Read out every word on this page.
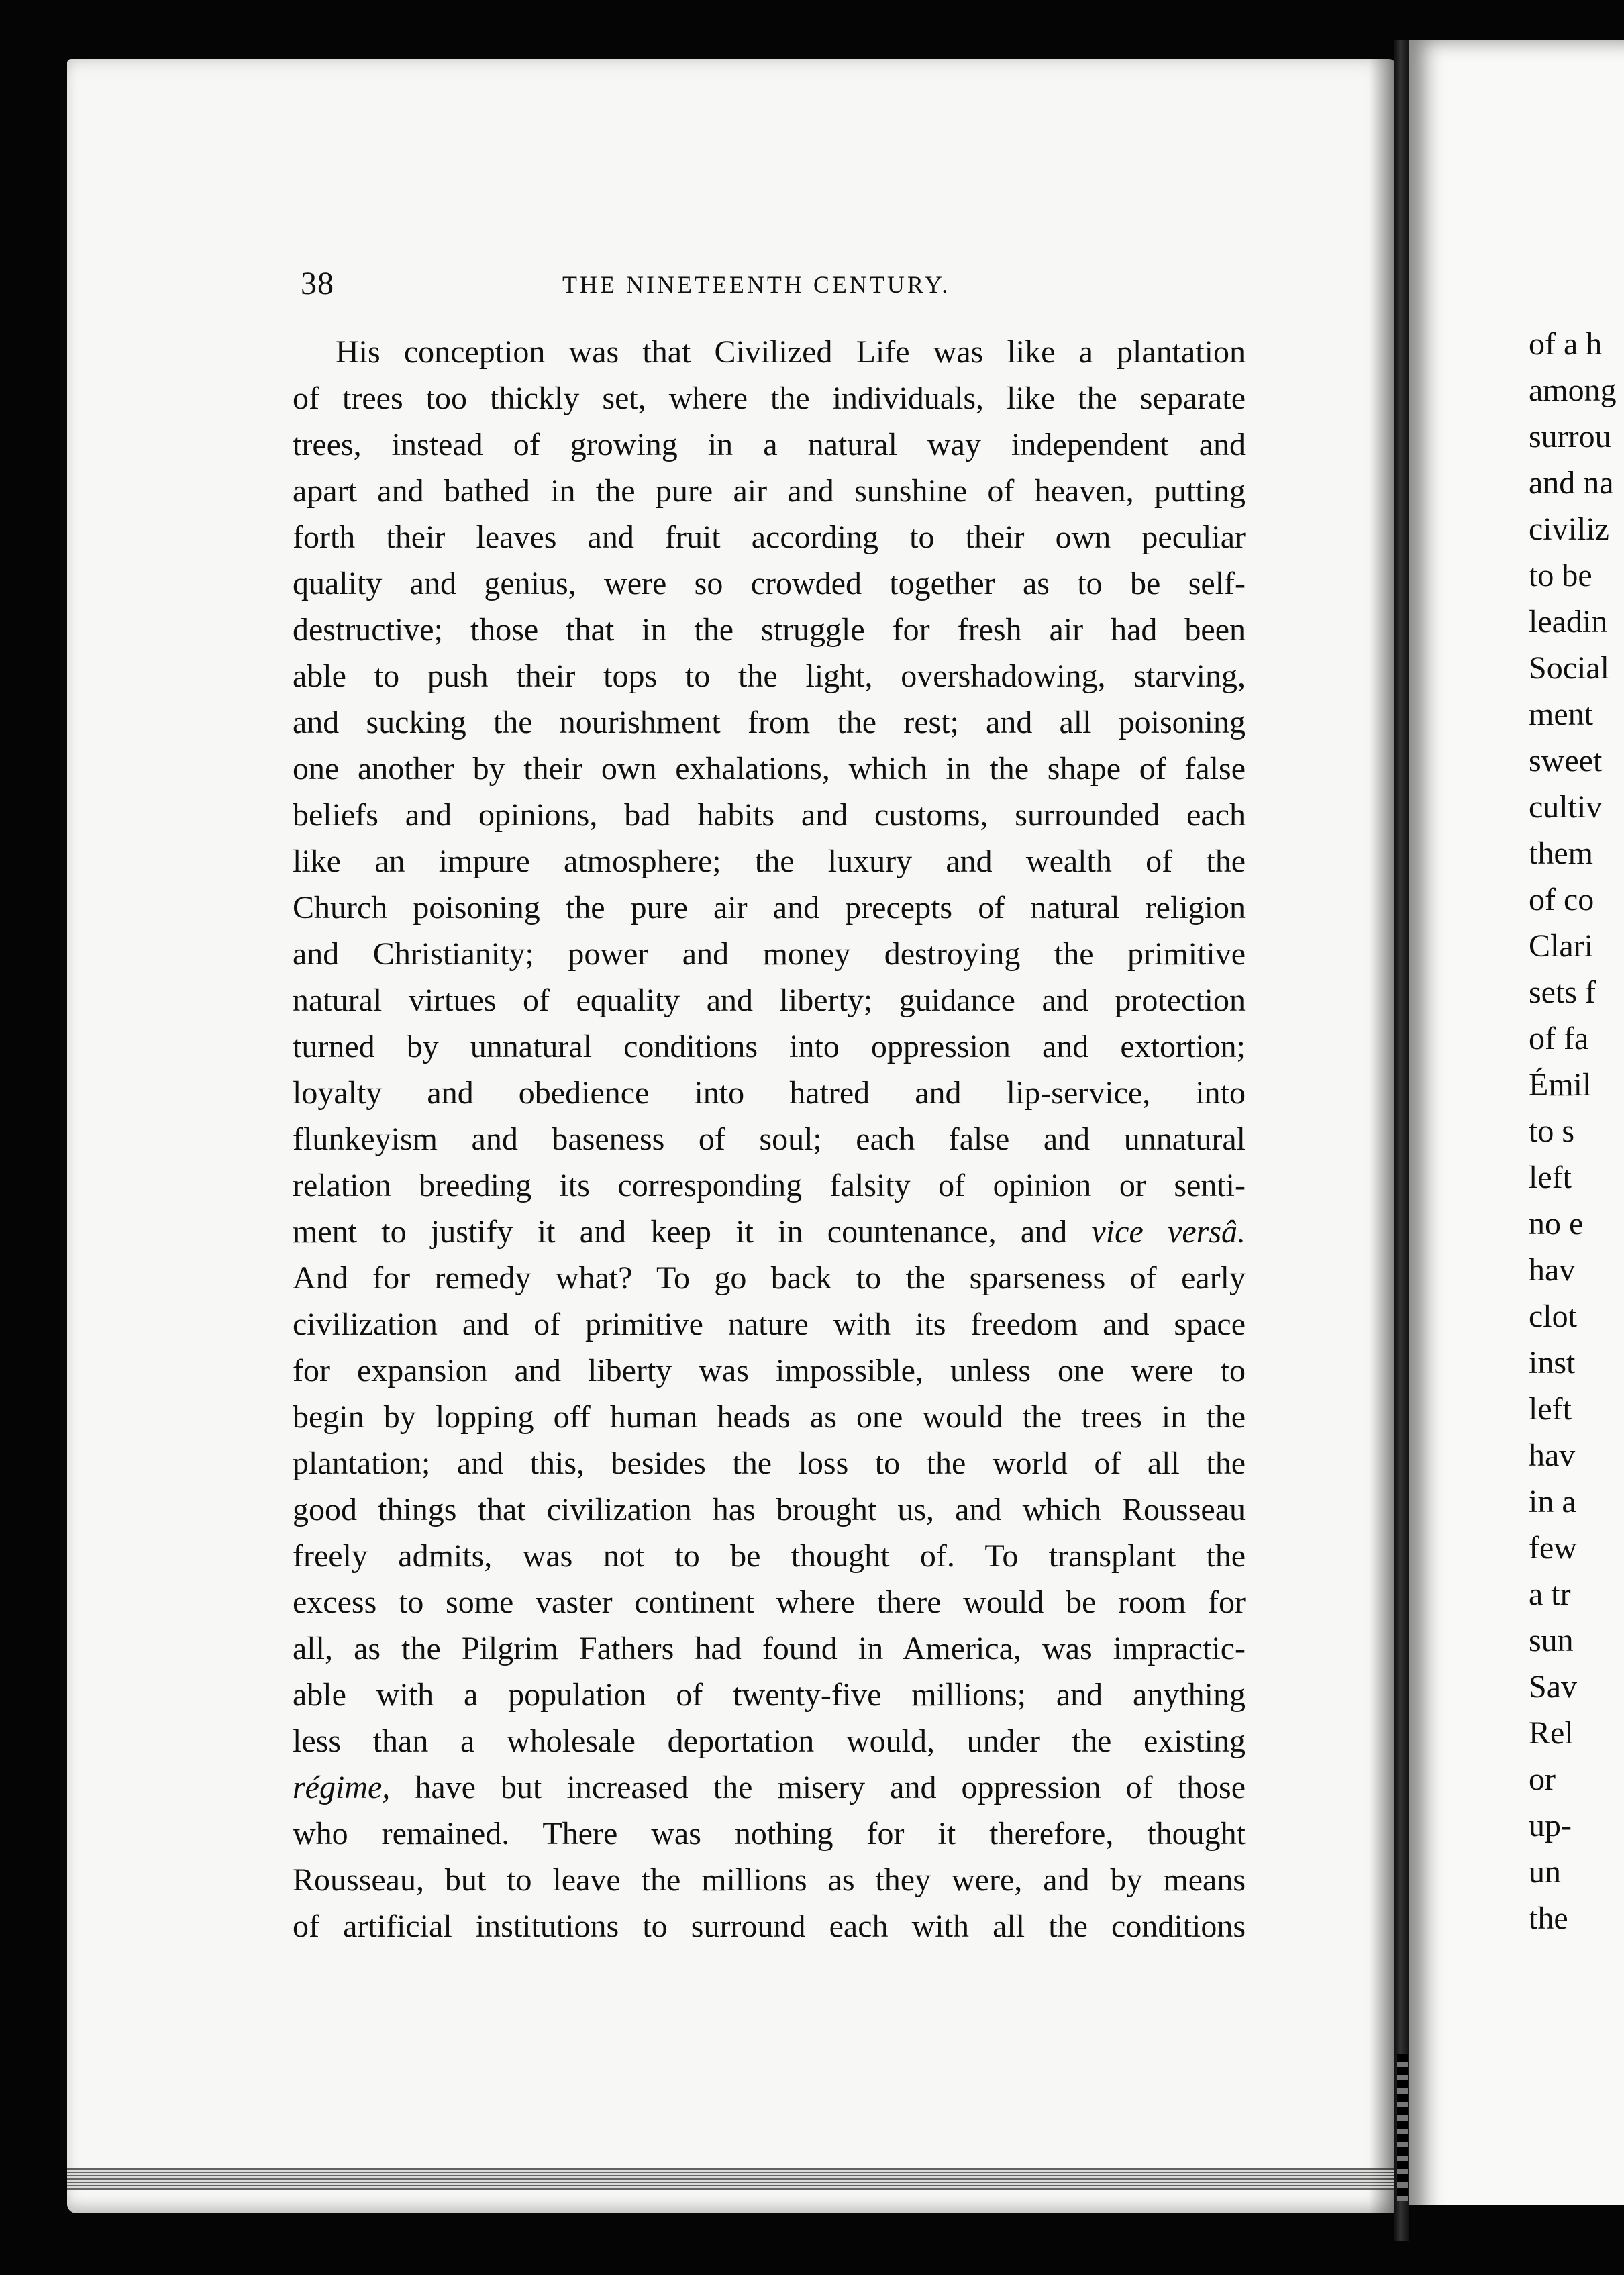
38	THE NINETEENTH CENTURY.
His conception was that Civilized Life was like a plantation
of trees too thickly set, where the individuals, like the separate
trees, instead of growing in a natural way independent and
apart and bathed in the pure air and sunshine of heaven, putting
forth their leaves and fruit according to their own peculiar
quality and genius, were so crowded together as to be self-
destructive; those that in the struggle for fresh air had been
able to push their tops to the light, overshadowing, starving,
and sucking the nourishment from the rest; and all poisoning
one another by their own exhalations, which in the shape of false
beliefs and opinions, bad habits and customs, surrounded each
like an impure atmosphere; the luxury and wealth of the
Church poisoning the pure air and precepts of natural religion
and Christianity; power and money destroying the primitive
natural virtues of equality and liberty; guidance and protection
turned by unnatural conditions into oppression and extortion;
loyalty and obedience into hatred and lip-service, into
flunkeyism and baseness of soul; each false and unnatural
relation breeding its corresponding falsity of opinion or senti-
ment to justify it and keep it in countenance, and vice versâ.
And for remedy what? To go back to the sparseness of early
civilization and of primitive nature with its freedom and space
for expansion and liberty was impossible, unless one were to
begin by lopping off human heads as one would the trees in the
plantation; and this, besides the loss to the world of all the
good things that civilization has brought us, and which Rousseau
freely admits, was not to be thought of. To transplant the
excess to some vaster continent where there would be room for
all, as the Pilgrim Fathers had found in America, was impractic-
able with a population of twenty-five millions; and anything
less than a wholesale deportation would, under the existing
régime, have but increased the misery and oppression of those
who remained. There was nothing for it therefore, thought
Rousseau, but to leave the millions as they were, and by means
of artificial institutions to surround each with all the conditions
of a h
among
surrou
and na
civiliz
to be
leadin
Social
ment
sweet
cultiv
them
of co
Clari
sets f
of fa
Émil
to s
left
no e
hav
clot
inst
left
hav
in a
few
a tr
sun
Sav
Rel
or
up-
un
the
